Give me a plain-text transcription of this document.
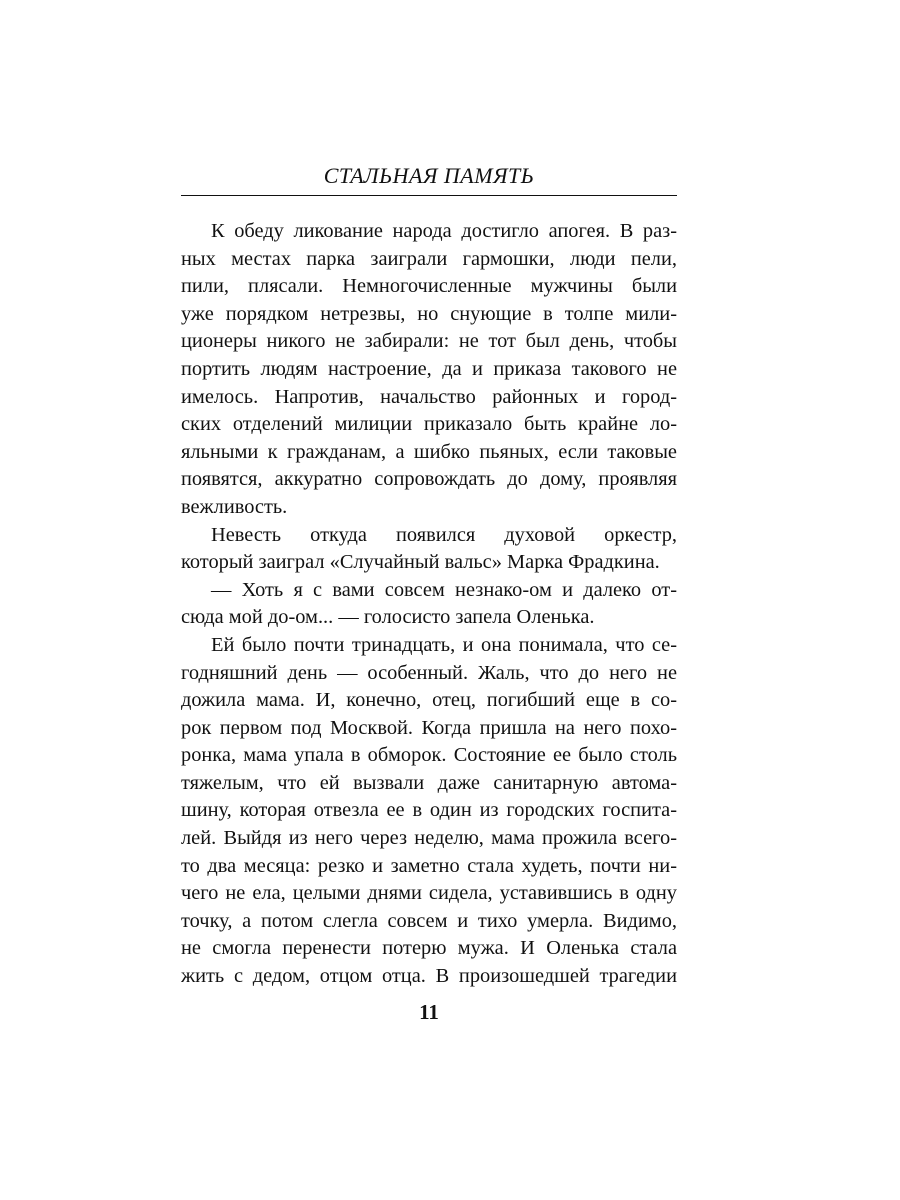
СТАЛЬНАЯ ПАМЯТЬ
К обеду ликование народа достигло апогея. В раз-
ных местах парка заиграли гармошки, люди пели,
пили, плясали. Немногочисленные мужчины были
уже порядком нетрезвы, но снующие в толпе мили-
ционеры никого не забирали: не тот был день, чтобы
портить людям настроение, да и приказа такового не
имелось. Напротив, начальство районных и город-
ских отделений милиции приказало быть крайне ло-
яльными к гражданам, а шибко пьяных, если таковые
появятся, аккуратно сопровождать до дому, проявляя
вежливость.
Невесть откуда появился духовой оркестр,
который заиграл «Случайный вальс» Марка Фрадкина.
— Хоть я с вами совсем незнако-ом и далеко от-
сюда мой до-ом... — голосисто запела Оленька.
Ей было почти тринадцать, и она понимала, что се-
годняшний день — особенный. Жаль, что до него не
дожила мама. И, конечно, отец, погибший еще в со-
рок первом под Москвой. Когда пришла на него похо-
ронка, мама упала в обморок. Состояние ее было столь
тяжелым, что ей вызвали даже санитарную автома-
шину, которая отвезла ее в один из городских госпита-
лей. Выйдя из него через неделю, мама прожила всего-
то два месяца: резко и заметно стала худеть, почти ни-
чего не ела, целыми днями сидела, уставившись в одну
точку, а потом слегла совсем и тихо умерла. Видимо,
не смогла перенести потерю мужа. И Оленька стала
жить с дедом, отцом отца. В произошедшей трагедии
11
